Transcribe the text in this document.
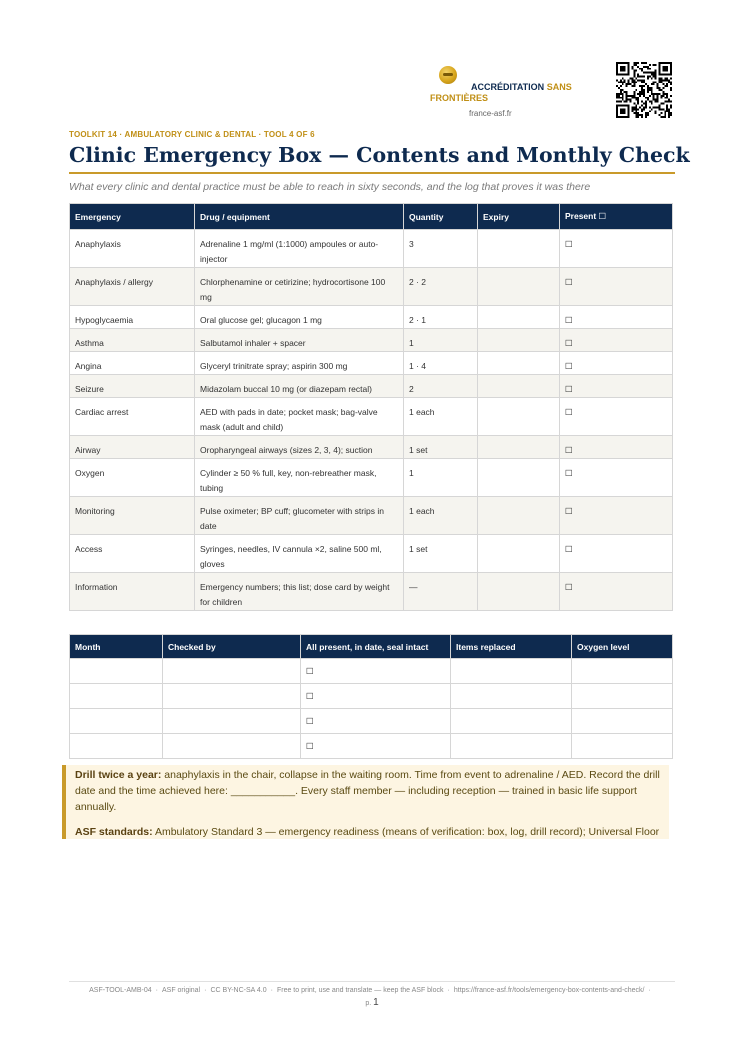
ACCRÉDITATION SANS FRONTIÈRES
france-asf.fr
TOOLKIT 14 · AMBULATORY CLINIC & DENTAL · TOOL 4 OF 6
Clinic Emergency Box — Contents and Monthly Check
What every clinic and dental practice must be able to reach in sixty seconds, and the log that proves it was there
Emergency	Drug / equipment	Quantity	Expiry	Present ☐
Anaphylaxis	Adrenaline 1 mg/ml (1:1000) ampoules or auto-injector	3		☐
Anaphylaxis / allergy	Chlorphenamine or cetirizine; hydrocortisone 100 mg	2 · 2		☐
Hypoglycaemia	Oral glucose gel; glucagon 1 mg	2 · 1		☐
Asthma	Salbutamol inhaler + spacer	1		☐
Angina	Glyceryl trinitrate spray; aspirin 300 mg	1 · 4		☐
Seizure	Midazolam buccal 10 mg (or diazepam rectal)	2		☐
Cardiac arrest	AED with pads in date; pocket mask; bag-valve mask (adult and child)	1 each		☐
Airway	Oropharyngeal airways (sizes 2, 3, 4); suction	1 set		☐
Oxygen	Cylinder ≥ 50 % full, key, non-rebreather mask, tubing	1		☐
Monitoring	Pulse oximeter; BP cuff; glucometer with strips in date	1 each		☐
Access	Syringes, needles, IV cannula ×2, saline 500 ml, gloves	1 set		☐
Information	Emergency numbers; this list; dose card by weight for children	—		☐
Month	Checked by	All present, in date, seal intact	Items replaced	Oxygen level
		☐		
		☐		
		☐		
		☐		

Drill twice a year: anaphylaxis in the chair, collapse in the waiting room. Time from event to adrenaline / AED. Record the drill date and the time achieved here: ___________. Every staff member — including reception — trained in basic life support annually.

ASF standards: Ambulatory Standard 3 — emergency readiness (means of verification: box, log, drill record); Universal Floor

ASF-TOOL-AMB-04 · ASF original · CC BY-NC-SA 4.0 · Free to print, use and translate — keep the ASF block · https://france-asf.fr/tools/emergency-box-contents-and-check/ ·
p. 1
